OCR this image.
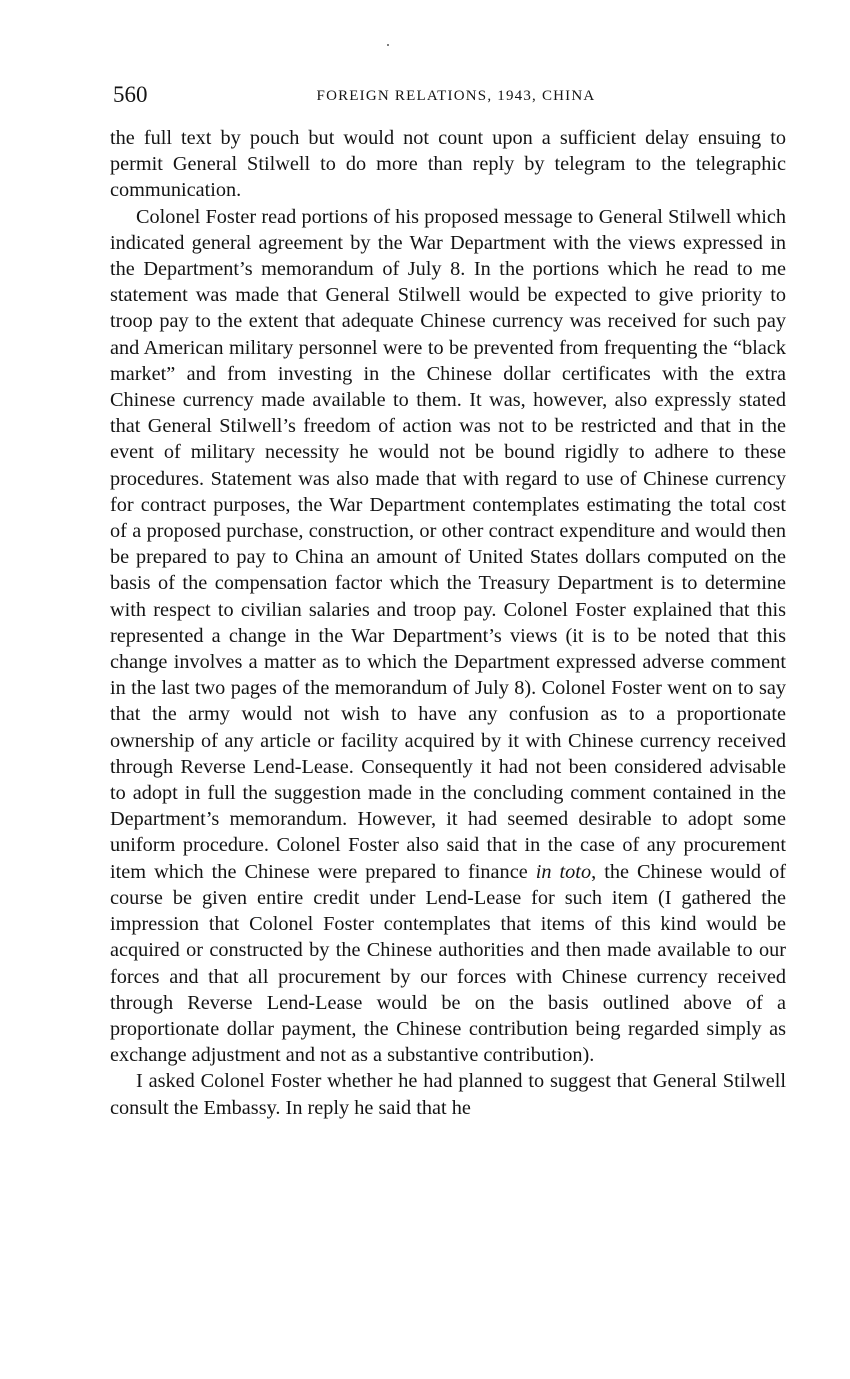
560	FOREIGN RELATIONS, 1943, CHINA

the full text by pouch but would not count upon a sufficient delay ensuing to permit General Stilwell to do more than reply by telegram to the telegraphic communication.

Colonel Foster read portions of his proposed message to General Stilwell which indicated general agreement by the War Department with the views expressed in the Department’s memorandum of July 8. In the portions which he read to me statement was made that General Stilwell would be expected to give priority to troop pay to the extent that adequate Chinese currency was received for such pay and American military personnel were to be prevented from frequenting the “black market” and from investing in the Chinese dollar certificates with the extra Chinese currency made available to them. It was, however, also expressly stated that General Stilwell’s freedom of action was not to be restricted and that in the event of military necessity he would not be bound rigidly to adhere to these procedures. Statement was also made that with regard to use of Chinese currency for contract purposes, the War Department contemplates estimating the total cost of a proposed purchase, construction, or other contract expenditure and would then be prepared to pay to China an amount of United States dollars computed on the basis of the compensation factor which the Treasury Department is to determine with respect to civilian salaries and troop pay. Colonel Foster explained that this represented a change in the War Department’s views (it is to be noted that this change involves a matter as to which the Department expressed adverse comment in the last two pages of the memorandum of July 8). Colonel Foster went on to say that the army would not wish to have any confusion as to a proportionate ownership of any article or facility acquired by it with Chinese currency received through Reverse Lend-Lease. Consequently it had not been considered advisable to adopt in full the suggestion made in the concluding comment contained in the Department’s memorandum. However, it had seemed desirable to adopt some uniform procedure. Colonel Foster also said that in the case of any procurement item which the Chinese were prepared to finance in toto, the Chinese would of course be given entire credit under Lend-Lease for such item (I gathered the impression that Colonel Foster contemplates that items of this kind would be acquired or constructed by the Chinese authorities and then made available to our forces and that all procurement by our forces with Chinese currency received through Reverse Lend-Lease would be on the basis outlined above of a proportionate dollar payment, the Chinese contribution being regarded simply as exchange adjustment and not as a substantive contribution).

I asked Colonel Foster whether he had planned to suggest that General Stilwell consult the Embassy. In reply he said that he
